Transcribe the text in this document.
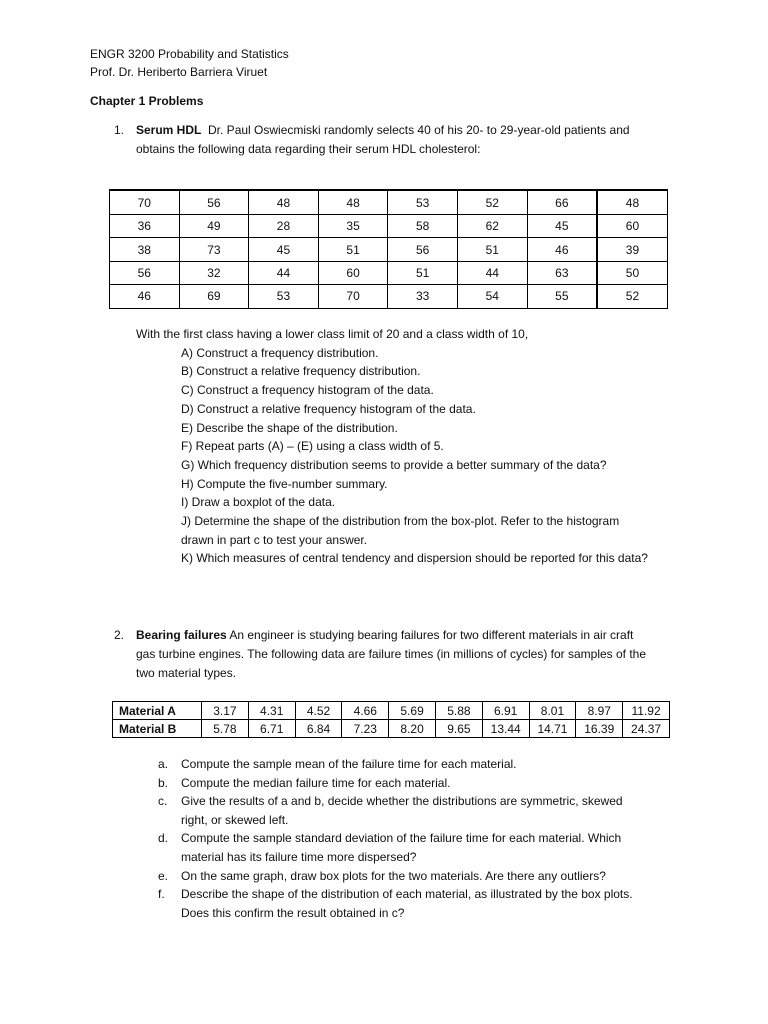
ENGR 3200 Probability and Statistics
Prof. Dr. Heriberto Barriera Viruet
Chapter 1 Problems
1. Serum HDL Dr. Paul Oswiecmiski randomly selects 40 of his 20- to 29-year-old patients and
obtains the following data regarding their serum HDL cholesterol:
70	56	48	48	53	52	66	48
36	49	28	35	58	62	45	60
38	73	45	51	56	51	46	39
56	32	44	60	51	44	63	50
46	69	53	70	33	54	55	52
With the first class having a lower class limit of 20 and a class width of 10,
A) Construct a frequency distribution.
B) Construct a relative frequency distribution.
C) Construct a frequency histogram of the data.
D) Construct a relative frequency histogram of the data.
E) Describe the shape of the distribution.
F) Repeat parts (A) – (E) using a class width of 5.
G) Which frequency distribution seems to provide a better summary of the data?
H) Compute the five-number summary.
I) Draw a boxplot of the data.
J) Determine the shape of the distribution from the box-plot. Refer to the histogram
drawn in part c to test your answer.
K) Which measures of central tendency and dispersion should be reported for this data?
2. Bearing failures An engineer is studying bearing failures for two different materials in air craft
gas turbine engines. The following data are failure times (in millions of cycles) for samples of the
two material types.
Material A	3.17	4.31	4.52	4.66	5.69	5.88	6.91	8.01	8.97	11.92
Material B	5.78	6.71	6.84	7.23	8.20	9.65	13.44	14.71	16.39	24.37
a. Compute the sample mean of the failure time for each material.
b. Compute the median failure time for each material.
c. Give the results of a and b, decide whether the distributions are symmetric, skewed
right, or skewed left.
d. Compute the sample standard deviation of the failure time for each material. Which
material has its failure time more dispersed?
e. On the same graph, draw box plots for the two materials. Are there any outliers?
f. Describe the shape of the distribution of each material, as illustrated by the box plots.
Does this confirm the result obtained in c?
